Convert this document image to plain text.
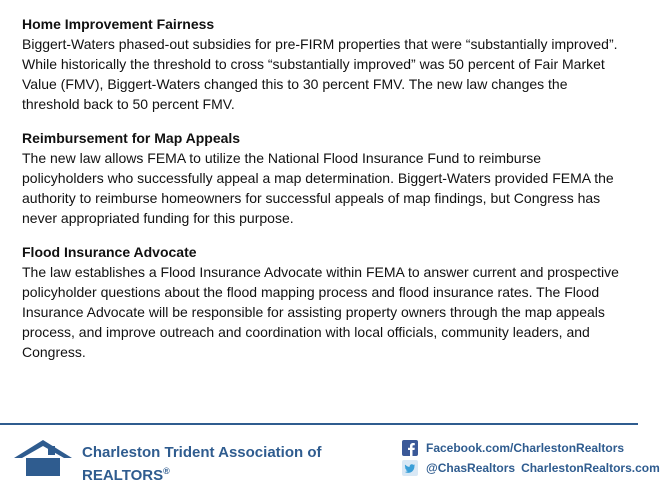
Home Improvement Fairness
Biggert-Waters phased-out subsidies for pre-FIRM properties that were “substantially improved”. While historically the threshold to cross “substantially improved” was 50 percent of Fair Market Value (FMV), Biggert-Waters changed this to 30 percent FMV. The new law changes the threshold back to 50 percent FMV.
Reimbursement for Map Appeals
The new law allows FEMA to utilize the National Flood Insurance Fund to reimburse policyholders who successfully appeal a map determination. Biggert-Waters provided FEMA the authority to reimburse homeowners for successful appeals of map findings, but Congress has never appropriated funding for this purpose.
Flood Insurance Advocate
The law establishes a Flood Insurance Advocate within FEMA to answer current and prospective policyholder questions about the flood mapping process and flood insurance rates. The Flood Insurance Advocate will be responsible for assisting property owners through the map appeals process, and improve outreach and coordination with local officials, community leaders, and Congress.
Charleston Trident Association of
REALTORS®
Facebook.com/CharlestonRealtors
@ChasRealtors CharlestonRealtors.com
